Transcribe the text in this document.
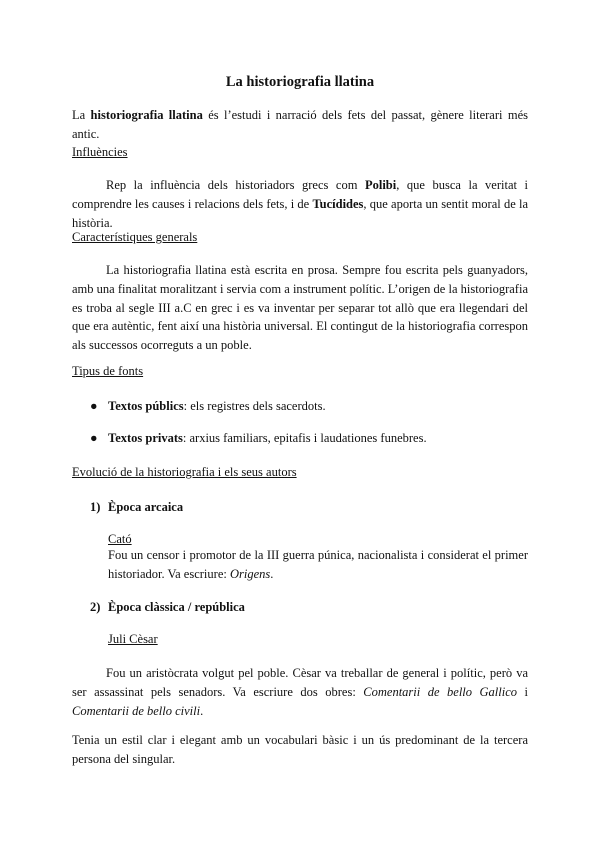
La historiografia llatina

La historiografia llatina és l’estudi i narració dels fets del passat, gènere literari més antic.

Influències

Rep la influència dels historiadors grecs com Polibi, que busca la veritat i comprendre les causes i relacions dels fets, i de Tucídides, que aporta un sentit moral de la història.

Característiques generals

La historiografia llatina està escrita en prosa. Sempre fou escrita pels guanyadors, amb una finalitat moralitzant i servia com a instrument polític. L’origen de la historiografia es troba al segle III a.C en grec i es va inventar per separar tot allò que era llegendari del que era autèntic, fent així una història universal. El contingut de la historiografia correspon als successos ocorreguts a un poble.

Tipus de fonts

● Textos públics: els registres dels sacerdots.

● Textos privats: arxius familiars, epitafis i laudationes funebres.

Evolució de la historiografia i els seus autors

1) Època arcaica

Cató

Fou un censor i promotor de la III guerra púnica, nacionalista i considerat el primer historiador. Va escriure: Origens.

2) Època clàssica / república

Juli Cèsar

Fou un aristòcrata volgut pel poble. Cèsar va treballar de general i polític, però va ser assassinat pels senadors. Va escriure dos obres: Comentarii de bello Gallico i Comentarii de bello civili.

Tenia un estil clar i elegant amb un vocabulari bàsic i un ús predominant de la tercera persona del singular.
